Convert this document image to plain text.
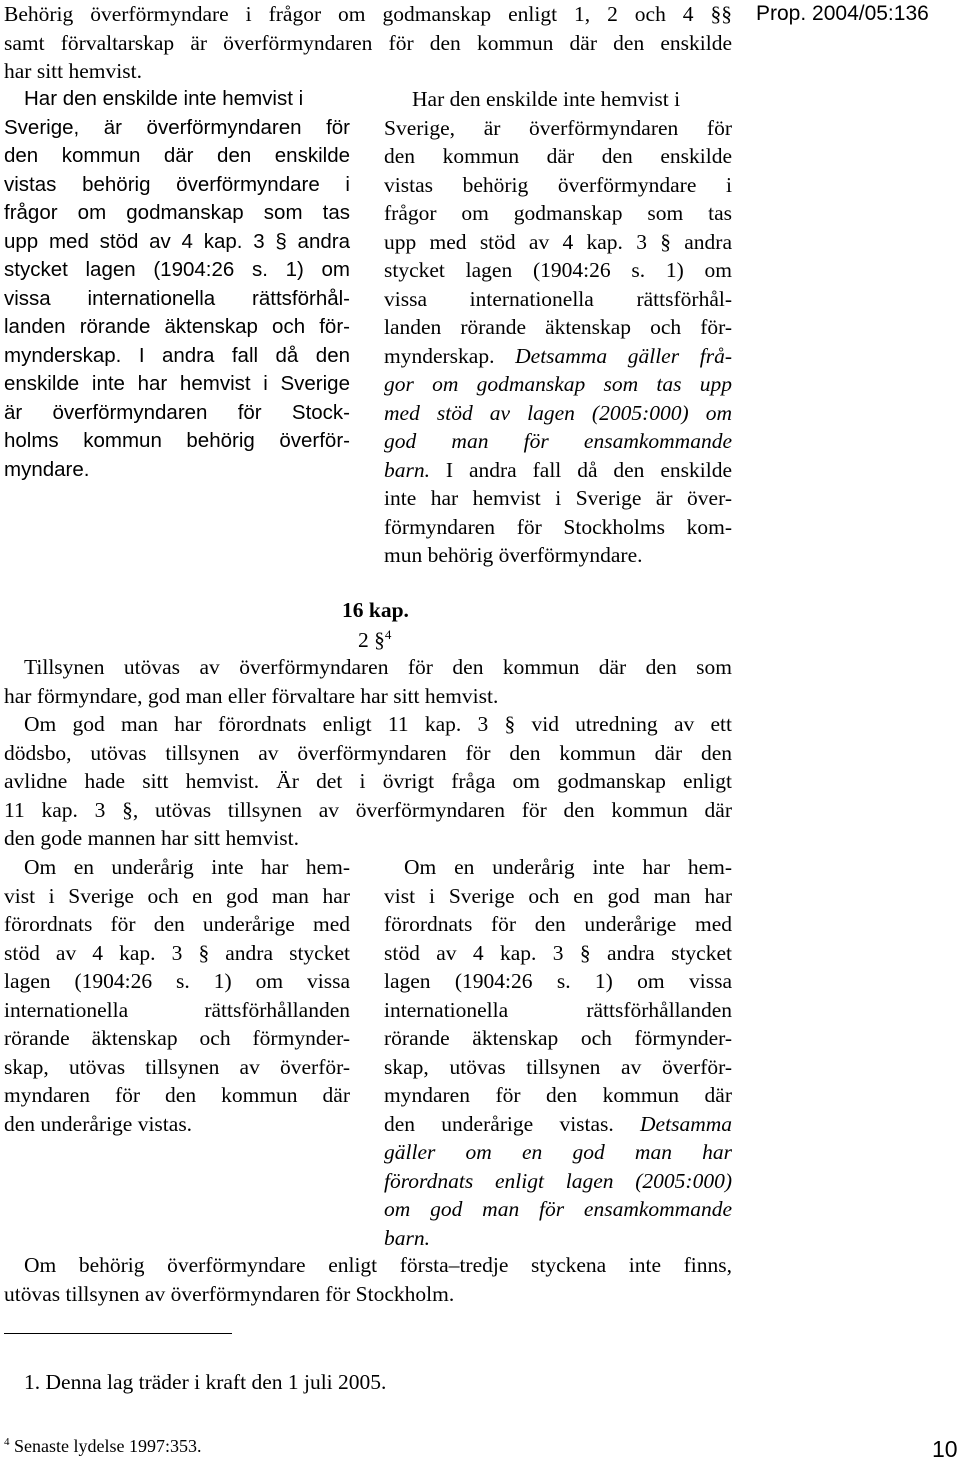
Prop. 2004/05:136
Behörig överförmyndare i frågor om godmanskap enligt 1, 2 och 4 §§
samt förvaltarskap är överförmyndaren för den kommun där den enskilde
har sitt hemvist.
Har den enskilde inte hemvist i
Sverige, är överförmyndaren för
den kommun där den enskilde
vistas behörig överförmyndare i
frågor om godmanskap som tas
upp med stöd av 4 kap. 3 § andra
stycket lagen (1904:26 s. 1) om
vissa internationella rättsförhål-
landen rörande äktenskap och för-
mynderskap. I andra fall då den
enskilde inte har hemvist i Sverige
är överförmyndaren för Stock-
holms kommun behörig överför-
myndare.
Har den enskilde inte hemvist i
Sverige, är överförmyndaren för
den kommun där den enskilde
vistas behörig överförmyndare i
frågor om godmanskap som tas
upp med stöd av 4 kap. 3 § andra
stycket lagen (1904:26 s. 1) om
vissa internationella rättsförhål-
landen rörande äktenskap och för-
mynderskap. Detsamma gäller frå-
gor om godmanskap som tas upp
med stöd av lagen (2005:000) om
god man för ensamkommande
barn. I andra fall då den enskilde
inte har hemvist i Sverige är över-
förmyndaren för Stockholms kom-
mun behörig överförmyndare.
16 kap.
2 §$^4$
Tillsynen utövas av överförmyndaren för den kommun där den som
har förmyndare, god man eller förvaltare har sitt hemvist.
Om god man har förordnats enligt 11 kap. 3 § vid utredning av ett
dödsbo, utövas tillsynen av överförmyndaren för den kommun där den
avlidne hade sitt hemvist. Är det i övrigt fråga om godmanskap enligt
11 kap. 3 §, utövas tillsynen av överförmyndaren för den kommun där
den gode mannen har sitt hemvist.
Om en underårig inte har hem-
vist i Sverige och en god man har
förordnats för den underårige med
stöd av 4 kap. 3 § andra stycket
lagen (1904:26 s. 1) om vissa
internationella rättsförhållanden
rörande äktenskap och förmynder-
skap, utövas tillsynen av överför-
myndaren för den kommun där
den underårige vistas.
Om en underårig inte har hem-
vist i Sverige och en god man har
förordnats för den underårige med
stöd av 4 kap. 3 § andra stycket
lagen (1904:26 s. 1) om vissa
internationella rättsförhållanden
rörande äktenskap och förmynder-
skap, utövas tillsynen av överför-
myndaren för den kommun där
den underårige vistas. Detsamma
gäller om en god man har
förordnats enligt lagen (2005:000)
om god man för ensamkommande
barn.
Om behörig överförmyndare enligt första–tredje styckena inte finns,
utövas tillsynen av överförmyndaren för Stockholm.
1. Denna lag träder i kraft den 1 juli 2005.
$^4$ Senaste lydelse 1997:353.	10
